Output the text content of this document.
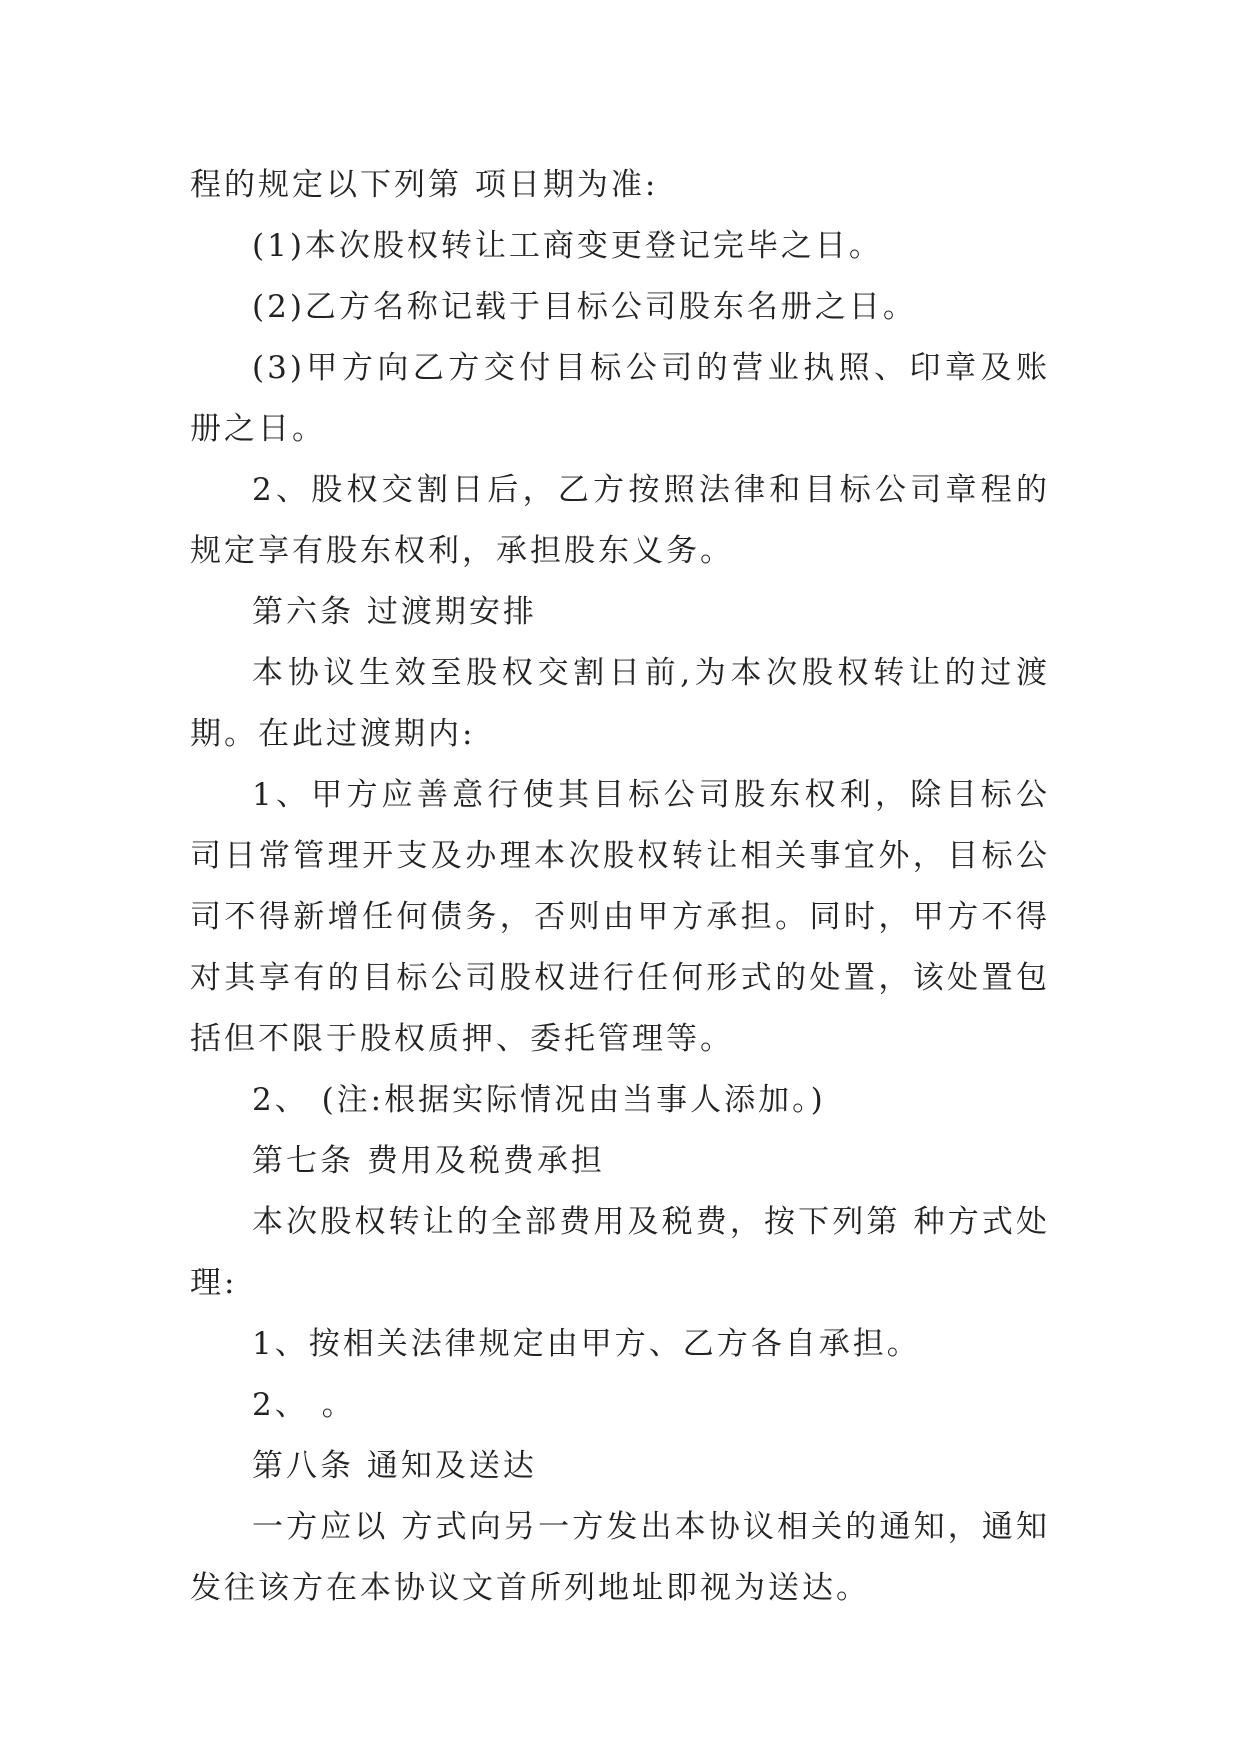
程的规定以下列第 项日期为准:

(1)本次股权转让工商变更登记完毕之日。

(2)乙方名称记载于目标公司股东名册之日。

(3)甲方向乙方交付目标公司的营业执照、印章及账册之日。

2、股权交割日后，乙方按照法律和目标公司章程的规定享有股东权利，承担股东义务。

第六条 过渡期安排

本协议生效至股权交割日前,为本次股权转让的过渡期。在此过渡期内:

1、甲方应善意行使其目标公司股东权利，除目标公司日常管理开支及办理本次股权转让相关事宜外，目标公司不得新增任何债务，否则由甲方承担。同时，甲方不得对其享有的目标公司股权进行任何形式的处置，该处置包括但不限于股权质押、委托管理等。

2、 (注:根据实际情况由当事人添加。)

第七条 费用及税费承担

本次股权转让的全部费用及税费，按下列第 种方式处理:

1、按相关法律规定由甲方、乙方各自承担。

2、 。

第八条 通知及送达

一方应以 方式向另一方发出本协议相关的通知，通知发往该方在本协议文首所列地址即视为送达。
